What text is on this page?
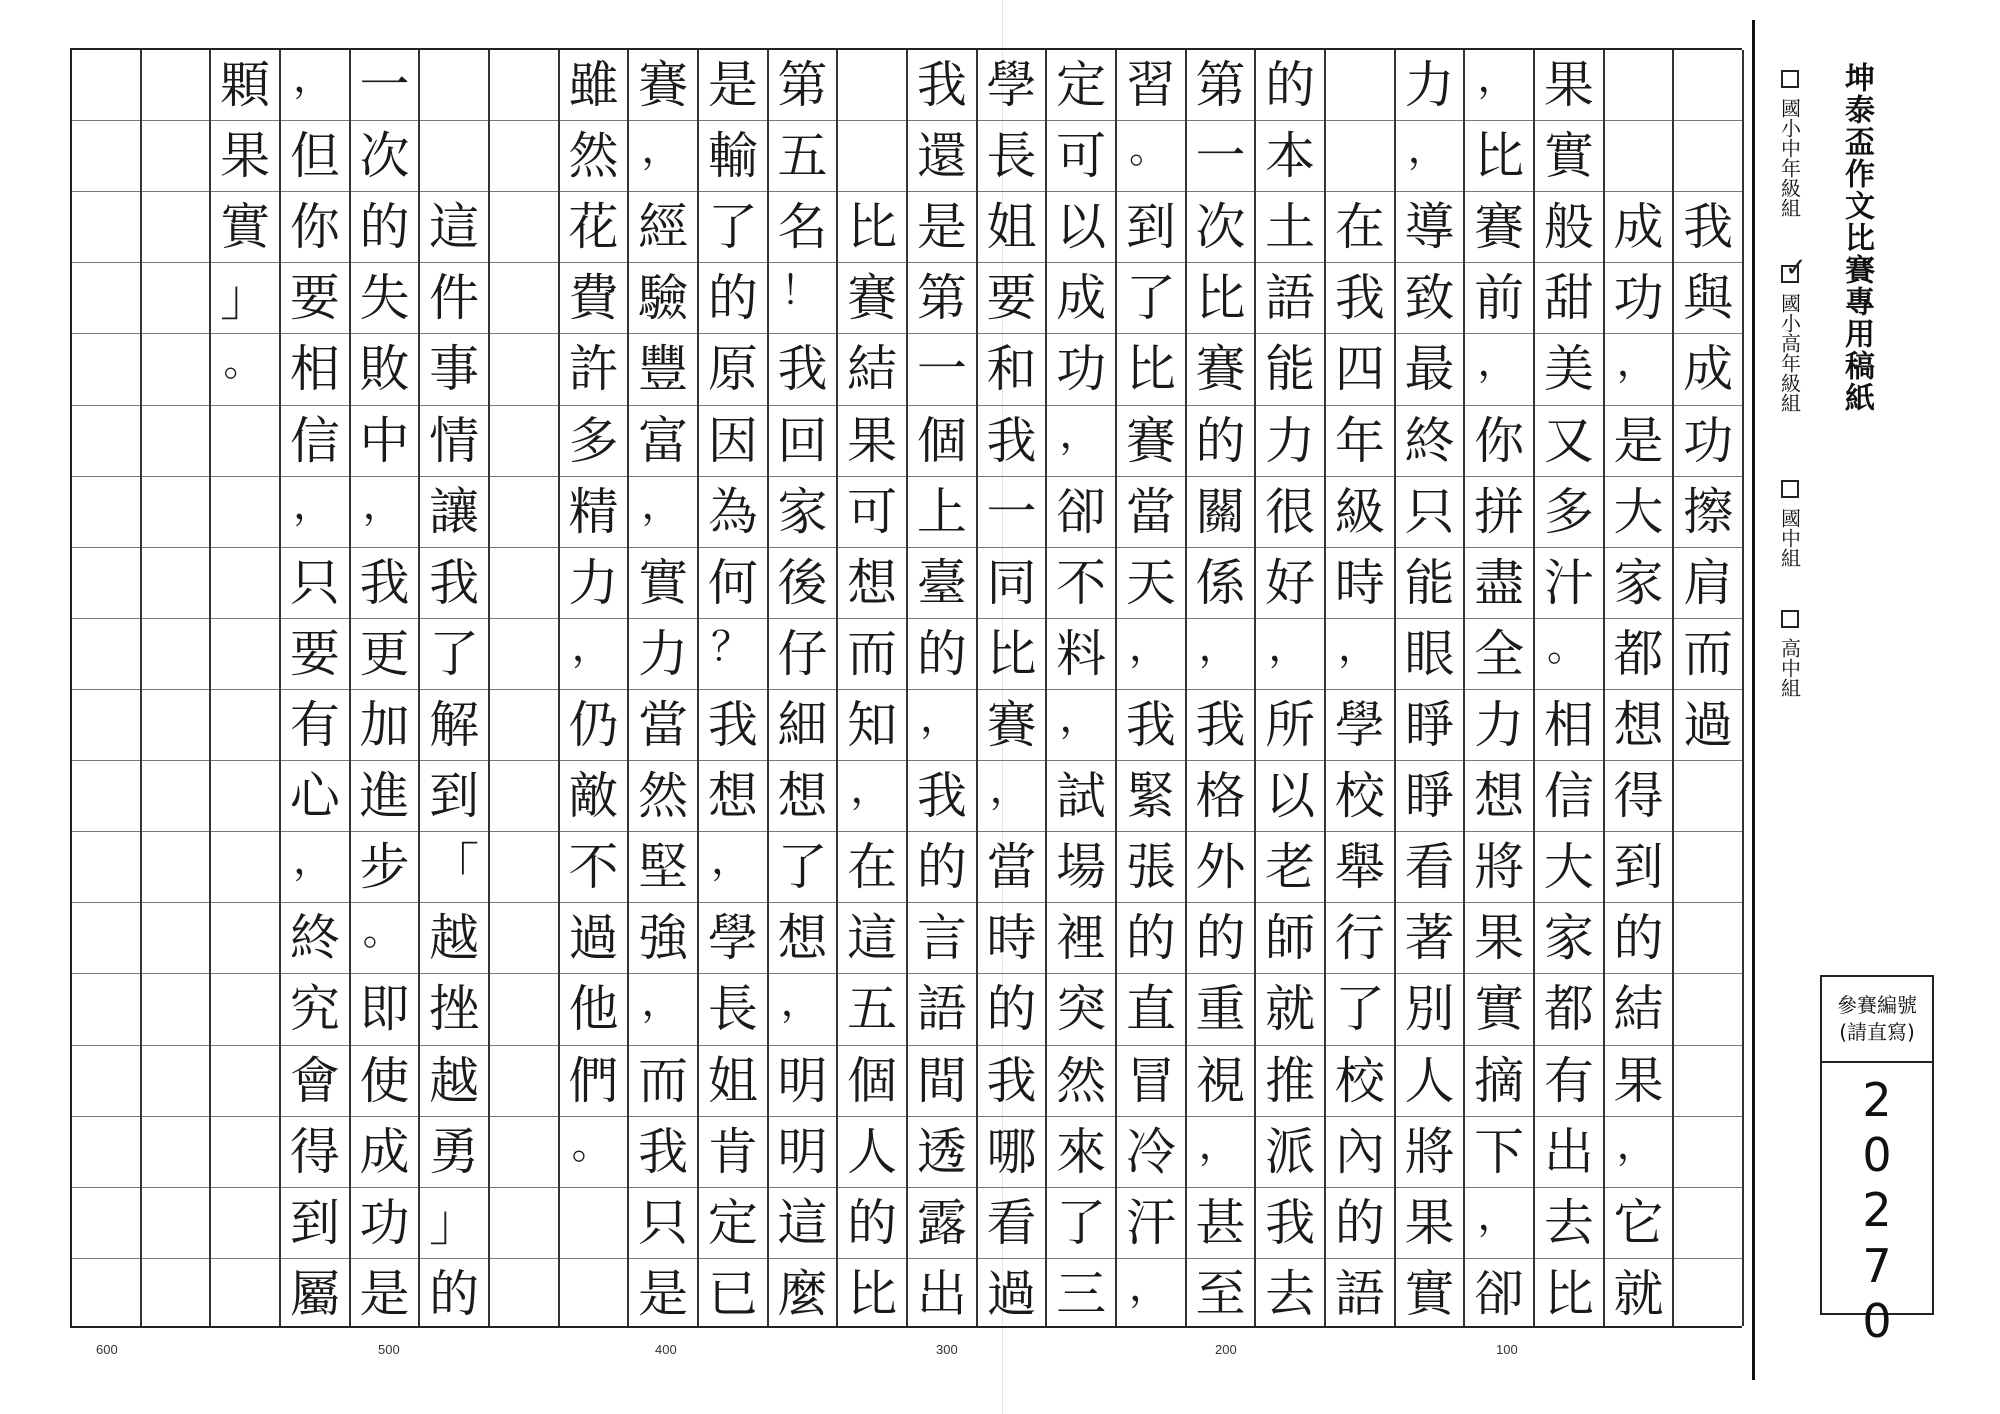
我
與
成
功
擦
肩
而
過
成
功
，
是
大
家
都
想
得
到
的
結
果
，
它
就
果
實
般
甜
美
又
多
汁
。
相
信
大
家
都
有
出
去
比
，
比
賽
前
，
你
拼
盡
全
力
想
將
果
實
摘
下
，
卻
力
，
導
致
最
終
只
能
眼
睜
睜
看
著
別
人
將
果
實
在
我
四
年
級
時
，
學
校
舉
行
了
校
內
的
語
的
本
土
語
能
力
很
好
，
所
以
老
師
就
推
派
我
去
第
一
次
比
賽
的
關
係
，
我
格
外
的
重
視
，
甚
至
習
。
到
了
比
賽
當
天
，
我
緊
張
的
直
冒
冷
汗
，
定
可
以
成
功
，
卻
不
料
，
試
場
裡
突
然
來
了
三
學
長
姐
要
和
我
一
同
比
賽
，
當
時
的
我
哪
看
過
我
還
是
第
一
個
上
臺
的
，
我
的
言
語
間
透
露
出
比
賽
結
果
可
想
而
知
，
在
這
五
個
人
的
比
第
五
名
！
我
回
家
後
仔
細
想
了
想
，
明
明
這
麼
是
輸
了
的
原
因
為
何
？
我
想
，
學
長
姐
肯
定
已
賽
，
經
驗
豐
富
，
實
力
當
然
堅
強
，
而
我
只
是
雖
然
花
費
許
多
精
力
，
仍
敵
不
過
他
們
。
這
件
事
情
讓
我
了
解
到
「
越
挫
越
勇
」
的
一
次
的
失
敗
中
，
我
更
加
進
步
。
即
使
成
功
是
，
但
你
要
相
信
，
只
要
有
心
，
終
究
會
得
到
屬
顆
果
實
」
。	坤泰盃作文比賽專用稿紙
國小中年級組
✓
國小高年級組
國中組
高中組
參賽編號
(請直寫)
2
0
2
7
0
100
200
300
400
500
600
